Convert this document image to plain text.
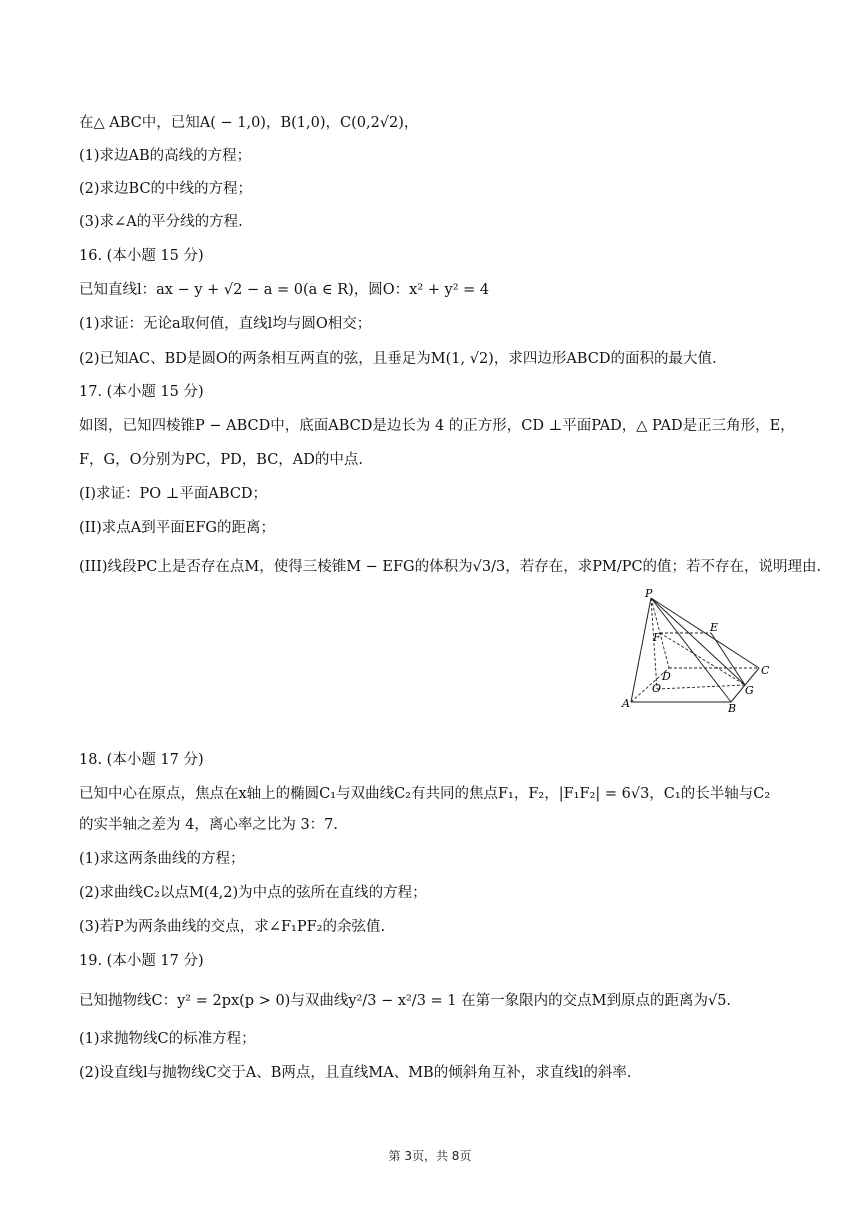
在△ ABC中，已知A( − 1,0)，B(1,0)，C(0,2√2)，
(1)求边AB的高线的方程；
(2)求边BC的中线的方程；
(3)求∠A的平分线的方程.
16. (本小题 15 分)
已知直线l：ax − y + √2 − a = 0(a ∈ R)，圆O：x² + y² = 4
(1)求证：无论a取何值，直线l均与圆O相交；
(2)已知AC、BD是圆O的两条相互两直的弦，且垂足为M(1, √2)，求四边形ABCD的面积的最大值.
17. (本小题 15 分)
如图，已知四棱锥P − ABCD中，底面ABCD是边长为 4 的正方形，CD ⊥平面PAD，△ PAD是正三角形，E，
F，G，O分别为PC，PD，BC，AD的中点.
(I)求证：PO ⊥平面ABCD；
(II)求点A到平面EFG的距离；
(III)线段PC上是否存在点M，使得三棱锥M − EFG的体积为√3/3，若存在，求PM/PC的值；若不存在，说明理由.
P
E
F
C
D
O	G
A	B
18. (本小题 17 分)
已知中心在原点，焦点在x轴上的椭圆C₁与双曲线C₂有共同的焦点F₁，F₂，|F₁F₂| = 6√3，C₁的长半轴与C₂
的实半轴之差为 4，离心率之比为 3：7.
(1)求这两条曲线的方程；
(2)求曲线C₂以点M(4,2)为中点的弦所在直线的方程；
(3)若P为两条曲线的交点，求∠F₁PF₂的余弦值.
19. (本小题 17 分)
已知抛物线C：y² = 2px(p > 0)与双曲线y²/3 − x²/3 = 1 在第一象限内的交点M到原点的距离为√5.
(1)求抛物线C的标准方程；
(2)设直线l与抛物线C交于A、B两点，且直线MA、MB的倾斜角互补，求直线l的斜率.
第 3页，共 8页
